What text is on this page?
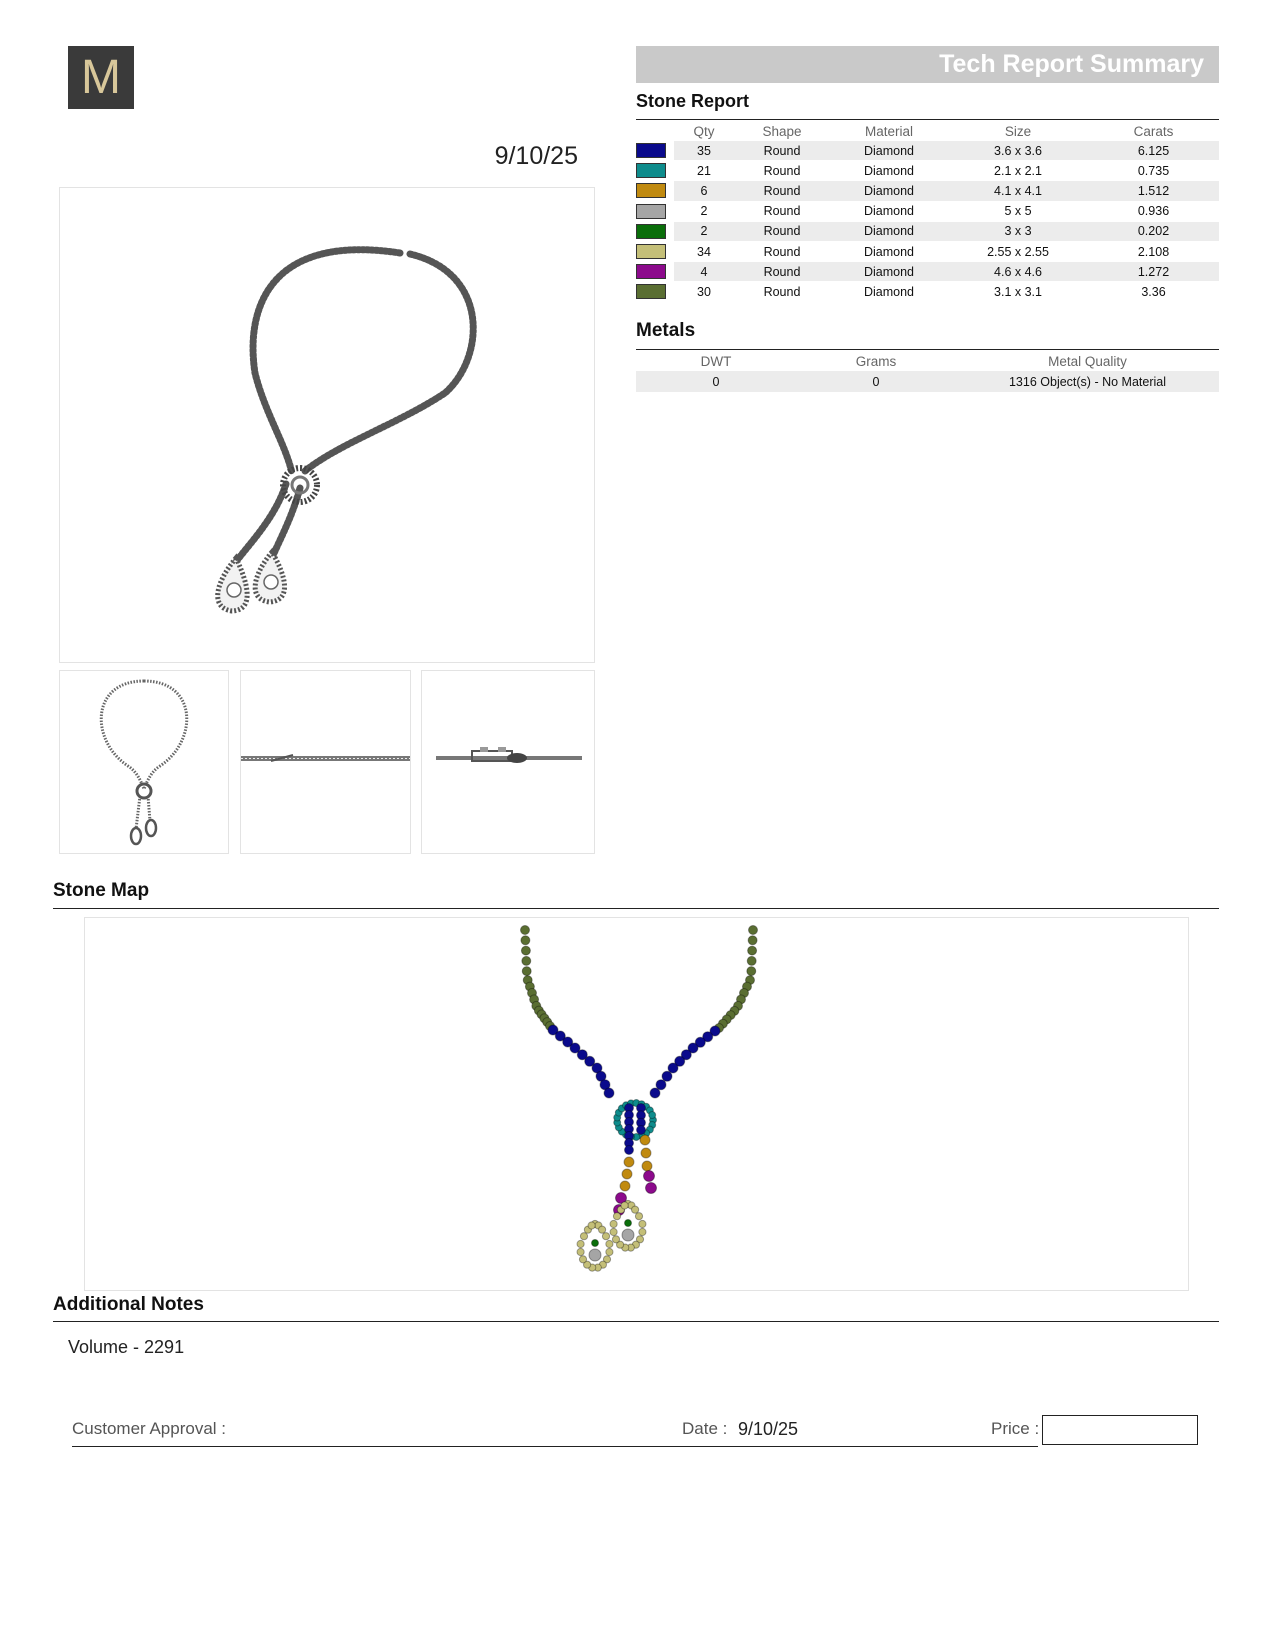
M
9/10/25
Tech Report Summary
Stone Report
	Qty	Shape	Material	Size	Carats

	35	Round	Diamond	3.6 x 3.6	6.125

	21	Round	Diamond	2.1 x 2.1	0.735

	6	Round	Diamond	4.1 x 4.1	1.512

	2	Round	Diamond	5 x 5	0.936

	2	Round	Diamond	3 x 3	0.202

	34	Round	Diamond	2.55 x 2.55	2.108

	4	Round	Diamond	4.6 x 4.6	1.272

	30	Round	Diamond	3.1 x 3.1	3.36
Metals
DWT	Grams	Metal Quality
0	0	1316 Object(s) - No Material
Stone Map
Additional Notes
Volume - 2291
Customer Approval :	Date : 9/10/25	Price :
